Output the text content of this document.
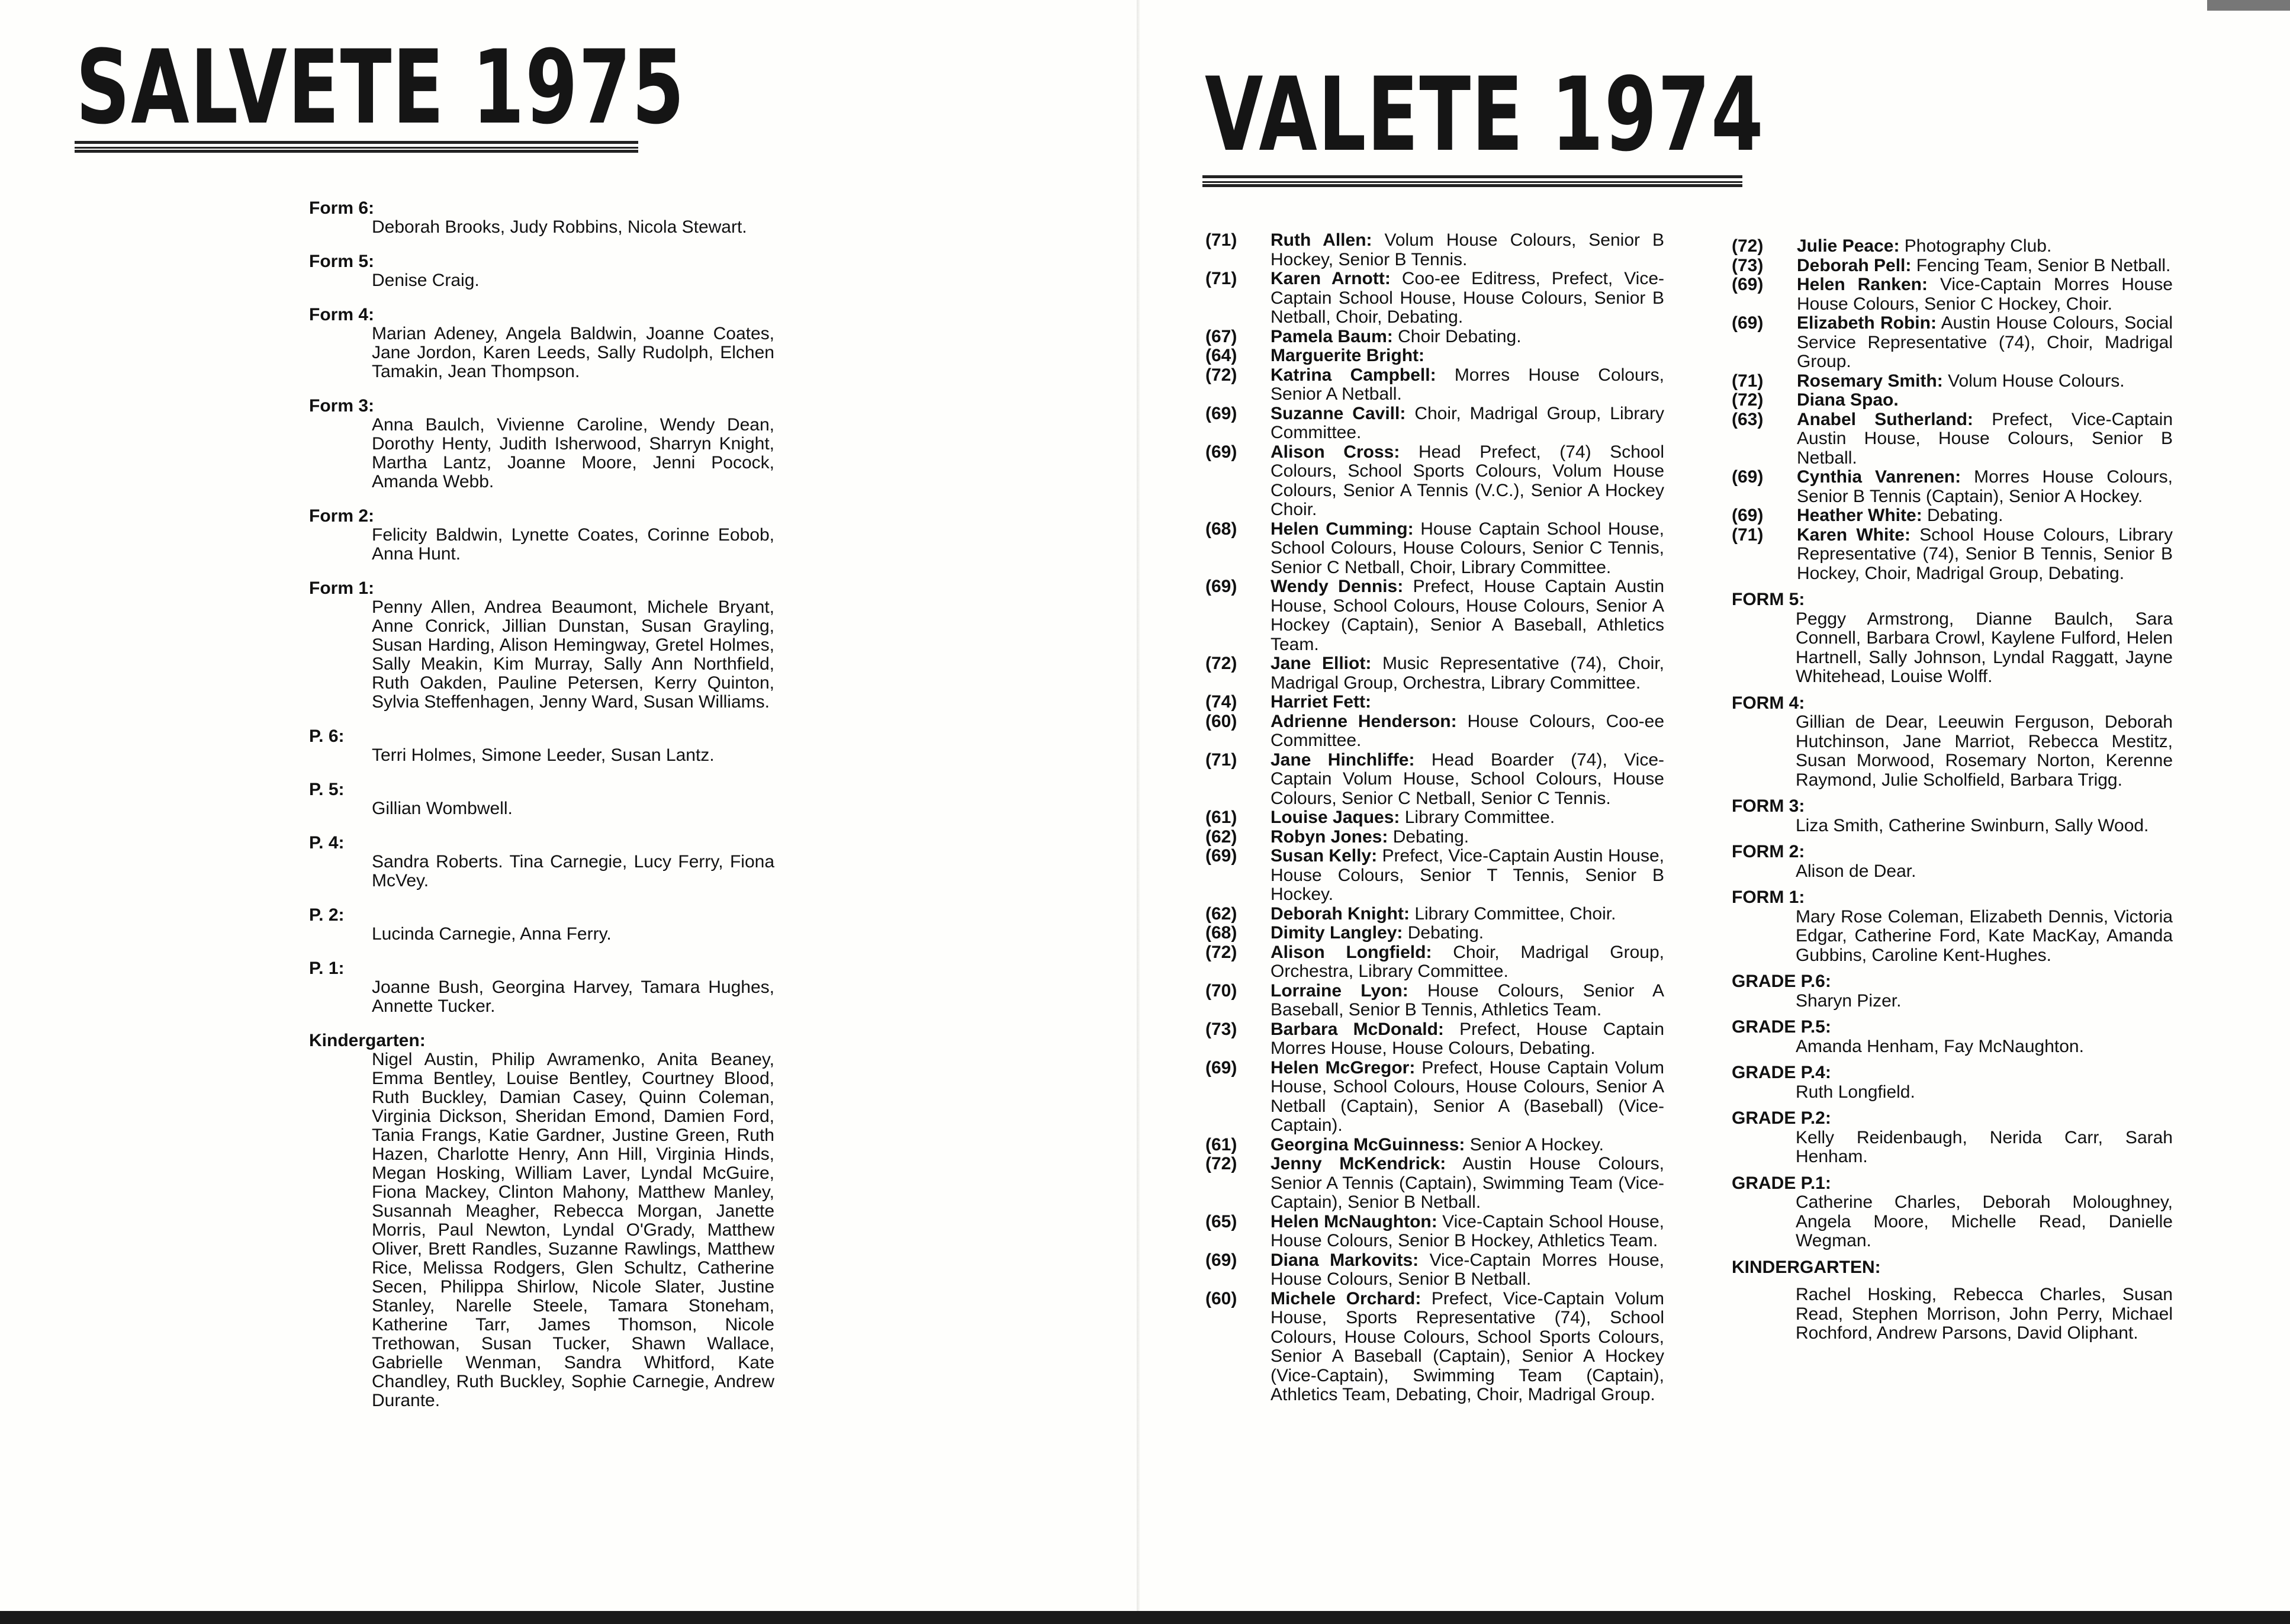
SALVETE 1975
Form 6:
Deborah Brooks, Judy Robbins, Nicola Stewart.
Form 5:
Denise Craig.
Form 4:
Marian Adeney, Angela Baldwin, Joanne Coates, Jane Jordon, Karen Leeds, Sally Rudolph, Elchen Tamakin, Jean Thompson.
Form 3:
Anna Baulch, Vivienne Caroline, Wendy Dean, Dorothy Henty, Judith Isherwood, Sharryn Knight, Martha Lantz, Joanne Moore, Jenni Pocock, Amanda Webb.
Form 2:
Felicity Baldwin, Lynette Coates, Corinne Eobob, Anna Hunt.
Form 1:
Penny Allen, Andrea Beaumont, Michele Bryant, Anne Conrick, Jillian Dunstan, Susan Grayling, Susan Harding, Alison Hemingway, Gretel Holmes, Sally Meakin, Kim Murray, Sally Ann Northfield, Ruth Oakden, Pauline Petersen, Kerry Quinton, Sylvia Steffenhagen, Jenny Ward, Susan Williams.
P. 6:
Terri Holmes, Simone Leeder, Susan Lantz.
P. 5:
Gillian Wombwell.
P. 4:
Sandra Roberts. Tina Carnegie, Lucy Ferry, Fiona McVey.
P. 2:
Lucinda Carnegie, Anna Ferry.
P. 1:
Joanne Bush, Georgina Harvey, Tamara Hughes, Annette Tucker.
Kindergarten:
Nigel Austin, Philip Awramenko, Anita Beaney, Emma Bentley, Louise Bentley, Courtney Blood, Ruth Buckley, Damian Casey, Quinn Coleman, Virginia Dickson, Sheridan Emond, Damien Ford, Tania Frangs, Katie Gardner, Justine Green, Ruth Hazen, Charlotte Henry, Ann Hill, Virginia Hinds, Megan Hosking, William Laver, Lyndal McGuire, Fiona Mackey, Clinton Mahony, Matthew Manley, Susannah Meagher, Rebecca Morgan, Janette Morris, Paul Newton, Lyndal O'Grady, Matthew Oliver, Brett Randles, Suzanne Rawlings, Matthew Rice, Melissa Rodgers, Glen Schultz, Catherine Secen, Philippa Shirlow, Nicole Slater, Justine Stanley, Narelle Steele, Tamara Stoneham, Katherine Tarr, James Thomson, Nicole Trethowan, Susan Tucker, Shawn Wallace, Gabrielle Wenman, Sandra Whitford, Kate Chandley, Ruth Buckley, Sophie Carnegie, Andrew Durante.
VALETE 1974
(71)	Ruth Allen: Volum House Colours, Senior B Hockey, Senior B Tennis.
(71)	Karen Arnott: Coo-ee Editress, Prefect, Vice-Captain School House, House Colours, Senior B Netball, Choir, Debating.
(67)	Pamela Baum: Choir Debating.
(64)	Marguerite Bright:
(72)	Katrina Campbell: Morres House Colours, Senior A Netball.
(69)	Suzanne Cavill: Choir, Madrigal Group, Library Committee.
(69)	Alison Cross: Head Prefect, (74) School Colours, School Sports Colours, Volum House Colours, Senior A Tennis (V.C.), Senior A Hockey Choir.
(68)	Helen Cumming: House Captain School House, School Colours, House Colours, Senior C Tennis, Senior C Netball, Choir, Library Committee.
(69)	Wendy Dennis: Prefect, House Captain Austin House, School Colours, House Colours, Senior A Hockey (Captain), Senior A Baseball, Athletics Team.
(72)	Jane Elliot: Music Representative (74), Choir, Madrigal Group, Orchestra, Library Committee.
(74)	Harriet Fett:
(60)	Adrienne Henderson: House Colours, Coo-ee Committee.
(71)	Jane Hinchliffe: Head Boarder (74), Vice-Captain Volum House, School Colours, House Colours, Senior C Netball, Senior C Tennis.
(61)	Louise Jaques: Library Committee.
(62)	Robyn Jones: Debating.
(69)	Susan Kelly: Prefect, Vice-Captain Austin House, House Colours, Senior T Tennis, Senior B Hockey.
(62)	Deborah Knight: Library Committee, Choir.
(68)	Dimity Langley: Debating.
(72)	Alison Longfield: Choir, Madrigal Group, Orchestra, Library Committee.
(70)	Lorraine Lyon: House Colours, Senior A Baseball, Senior B Tennis, Athletics Team.
(73)	Barbara McDonald: Prefect, House Captain Morres House, House Colours, Debating.
(69)	Helen McGregor: Prefect, House Captain Volum House, School Colours, House Colours, Senior A Netball (Captain), Senior A (Baseball) (Vice-Captain).
(61)	Georgina McGuinness: Senior A Hockey.
(72)	Jenny McKendrick: Austin House Colours, Senior A Tennis (Captain), Swimming Team (Vice-Captain), Senior B Netball.
(65)	Helen McNaughton: Vice-Captain School House, House Colours, Senior B Hockey, Athletics Team.
(69)	Diana Markovits: Vice-Captain Morres House, House Colours, Senior B Netball.
(60)	Michele Orchard: Prefect, Vice-Captain Volum House, Sports Representative (74), School Colours, House Colours, School Sports Colours, Senior A Baseball (Captain), Senior A Hockey (Vice-Captain), Swimming Team (Captain), Athletics Team, Debating, Choir, Madrigal Group.
(72)	Julie Peace: Photography Club.
(73)	Deborah Pell: Fencing Team, Senior B Netball.
(69)	Helen Ranken: Vice-Captain Morres House House Colours, Senior C Hockey, Choir.
(69)	Elizabeth Robin: Austin House Colours, Social Service Representative (74), Choir, Madrigal Group.
(71)	Rosemary Smith: Volum House Colours.
(72)	Diana Spao.
(63)	Anabel Sutherland: Prefect, Vice-Captain Austin House, House Colours, Senior B Netball.
(69)	Cynthia Vanrenen: Morres House Colours, Senior B Tennis (Captain), Senior A Hockey.
(69)	Heather White: Debating.
(71)	Karen White: School House Colours, Library Representative (74), Senior B Tennis, Senior B Hockey, Choir, Madrigal Group, Debating.
FORM 5:
Peggy Armstrong, Dianne Baulch, Sara Connell, Barbara Crowl, Kaylene Fulford, Helen Hartnell, Sally Johnson, Lyndal Raggatt, Jayne Whitehead, Louise Wolff.
FORM 4:
Gillian de Dear, Leeuwin Ferguson, Deborah Hutchinson, Jane Marriot, Rebecca Mestitz, Susan Morwood, Rosemary Norton, Kerenne Raymond, Julie Scholfield, Barbara Trigg.
FORM 3:
Liza Smith, Catherine Swinburn, Sally Wood.
FORM 2:
Alison de Dear.
FORM 1:
Mary Rose Coleman, Elizabeth Dennis, Victoria Edgar, Catherine Ford, Kate MacKay, Amanda Gubbins, Caroline Kent-Hughes.
GRADE P.6:
Sharyn Pizer.
GRADE P.5:
Amanda Henham, Fay McNaughton.
GRADE P.4:
Ruth Longfield.
GRADE P.2:
Kelly Reidenbaugh, Nerida Carr, Sarah Henham.
GRADE P.1:
Catherine Charles, Deborah Moloughney, Angela Moore, Michelle Read, Danielle Wegman.
KINDERGARTEN:
Rachel Hosking, Rebecca Charles, Susan Read, Stephen Morrison, John Perry, Michael Rochford, Andrew Parsons, David Oliphant.
